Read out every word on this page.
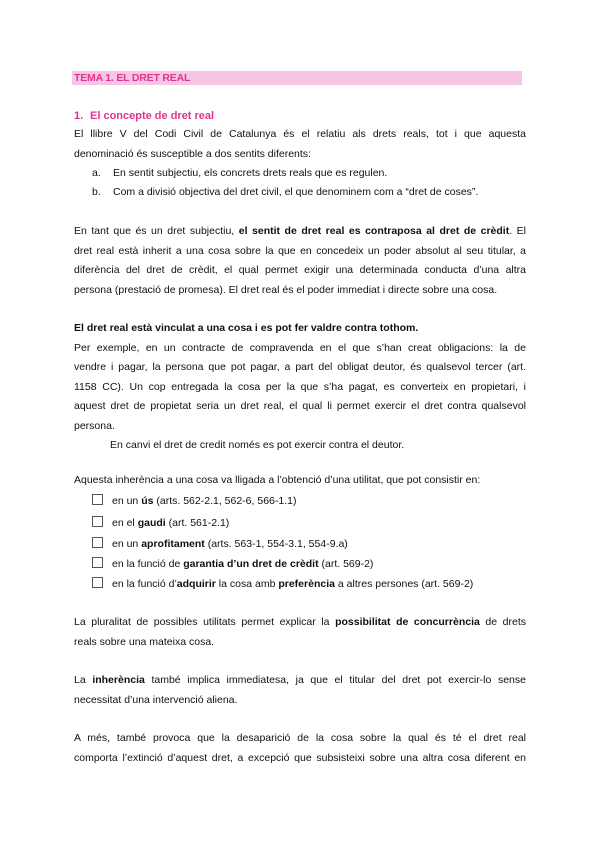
TEMA 1. EL DRET REAL
1. El concepte de dret real
El llibre V del Codi Civil de Catalunya és el relatiu als drets reals, tot i que aquesta
denominació és susceptible a dos sentits diferents:
a. En sentit subjectiu, els concrets drets reals que es regulen.
b. Com a divisió objectiva del dret civil, el que denominem com a “dret de coses”.
En tant que és un dret subjectiu, el sentit de dret real es contraposa al dret de crèdit. El
dret real està inherit a una cosa sobre la que en concedeix un poder absolut al seu titular, a
diferència del dret de crèdit, el qual permet exigir una determinada conducta d’una altra
persona (prestació de promesa). El dret real és el poder immediat i directe sobre una cosa.
El dret real està vinculat a una cosa i es pot fer valdre contra tothom.
Per exemple, en un contracte de compravenda en el que s’han creat obligacions: la de
vendre i pagar, la persona que pot pagar, a part del obligat deutor, és qualsevol tercer (art.
1158 CC). Un cop entregada la cosa per la que s’ha pagat, es converteix en propietari, i
aquest dret de propietat seria un dret real, el qual li permet exercir el dret contra qualsevol
persona.
En canvi el dret de credit només es pot exercir contra el deutor.
Aquesta inherència a una cosa va lligada a l’obtenció d’una utilitat, que pot consistir en:
en un ús (arts. 562-2.1, 562-6, 566-1.1)
en el gaudi (art. 561-2.1)
en un aprofitament (arts. 563-1, 554-3.1, 554-9.a)
en la funció de garantia d’un dret de crèdit (art. 569-2)
en la funció d’adquirir la cosa amb preferència a altres persones (art. 569-2)
La pluralitat de possibles utilitats permet explicar la possibilitat de concurrència de drets
reals sobre una mateixa cosa.
La inherència també implica immediatesa, ja que el titular del dret pot exercir-lo sense
necessitat d’una intervenció aliena.
A més, també provoca que la desaparició de la cosa sobre la qual és té el dret real
comporta l’extinció d’aquest dret, a excepció que subsisteixi sobre una altra cosa diferent en
